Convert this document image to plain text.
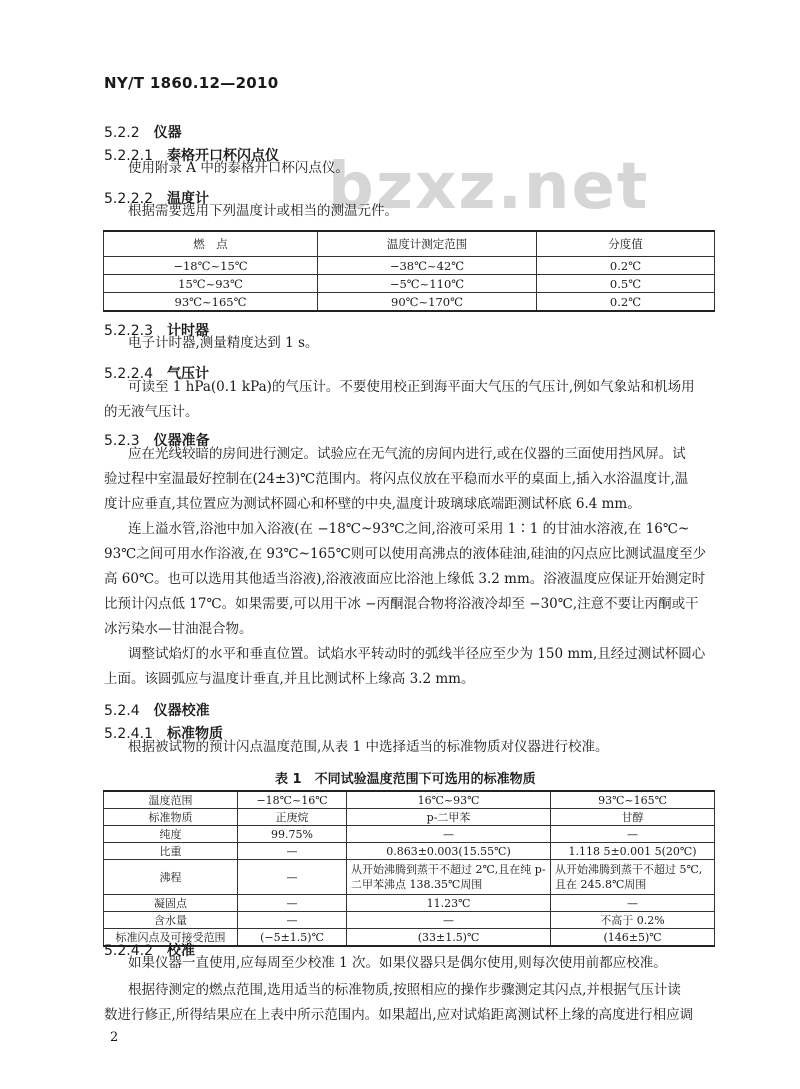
bzxz.net
NY/T 1860.12—2010
5.2.2 仪器
5.2.2.1 泰格开口杯闪点仪
使用附录 A 中的泰格开口杯闪点仪。
5.2.2.2 温度计
根据需要选用下列温度计或相当的测温元件。
燃　点	温度计测定范围	分度值
−18℃~15℃	−38℃~42℃	0.2℃
15℃~93℃	−5℃~110℃	0.5℃
93℃~165℃	90℃~170℃	0.2℃
5.2.2.3 计时器
电子计时器,测量精度达到 1 s。
5.2.2.4 气压计
可读至 1 hPa(0.1 kPa)的气压计。不要使用校正到海平面大气压的气压计,例如气象站和机场用
的无液气压计。
5.2.3 仪器准备
应在光线较暗的房间进行测定。试验应在无气流的房间内进行,或在仪器的三面使用挡风屏。试
验过程中室温最好控制在(24±3)℃范围内。将闪点仪放在平稳而水平的桌面上,插入水浴温度计,温
度计应垂直,其位置应为测试杯圆心和杯壁的中央,温度计玻璃球底端距测试杯底 6.4 mm。
连上溢水管,浴池中加入浴液(在 −18℃~93℃之间,浴液可采用 1∶1 的甘油水溶液,在 16℃~
93℃之间可用水作浴液,在 93℃~165℃则可以使用高沸点的液体硅油,硅油的闪点应比测试温度至少
高 60℃。也可以选用其他适当浴液),浴液液面应比浴池上缘低 3.2 mm。浴液温度应保证开始测定时
比预计闪点低 17℃。如果需要,可以用干冰 −丙酮混合物将浴液冷却至 −30℃,注意不要让丙酮或干
冰污染水—甘油混合物。
调整试焰灯的水平和垂直位置。试焰水平转动时的弧线半径应至少为 150 mm,且经过测试杯圆心
上面。该圆弧应与温度计垂直,并且比测试杯上缘高 3.2 mm。
5.2.4 仪器校准
5.2.4.1 标准物质
根据被试物的预计闪点温度范围,从表 1 中选择适当的标准物质对仪器进行校准。
表 1　不同试验温度范围下可选用的标准物质
温度范围	−18℃~16℃	16℃~93℃	93℃~165℃
标准物质	正庚烷	p-二甲苯	甘醇
纯度	99.75%	—	—
比重	—	0.863±0.003(15.55℃)	1.118 5±0.001 5(20℃)
沸程	—	从开始沸腾到蒸干不超过 2℃,且在纯 p-二甲苯沸点 138.35℃周围	从开始沸腾到蒸干不超过 5℃,且在 245.8℃周围
凝固点	—	11.23℃	—
含水量	—	—	不高于 0.2%
标准闪点及可接受范围	(−5±1.5)℃	(33±1.5)℃	(146±5)℃
5.2.4.2 校准
如果仪器一直使用,应每周至少校准 1 次。如果仪器只是偶尔使用,则每次使用前都应校准。
根据待测定的燃点范围,选用适当的标准物质,按照相应的操作步骤测定其闪点,并根据气压计读
数进行修正,所得结果应在上表中所示范围内。如果超出,应对试焰距离测试杯上缘的高度进行相应调
2
